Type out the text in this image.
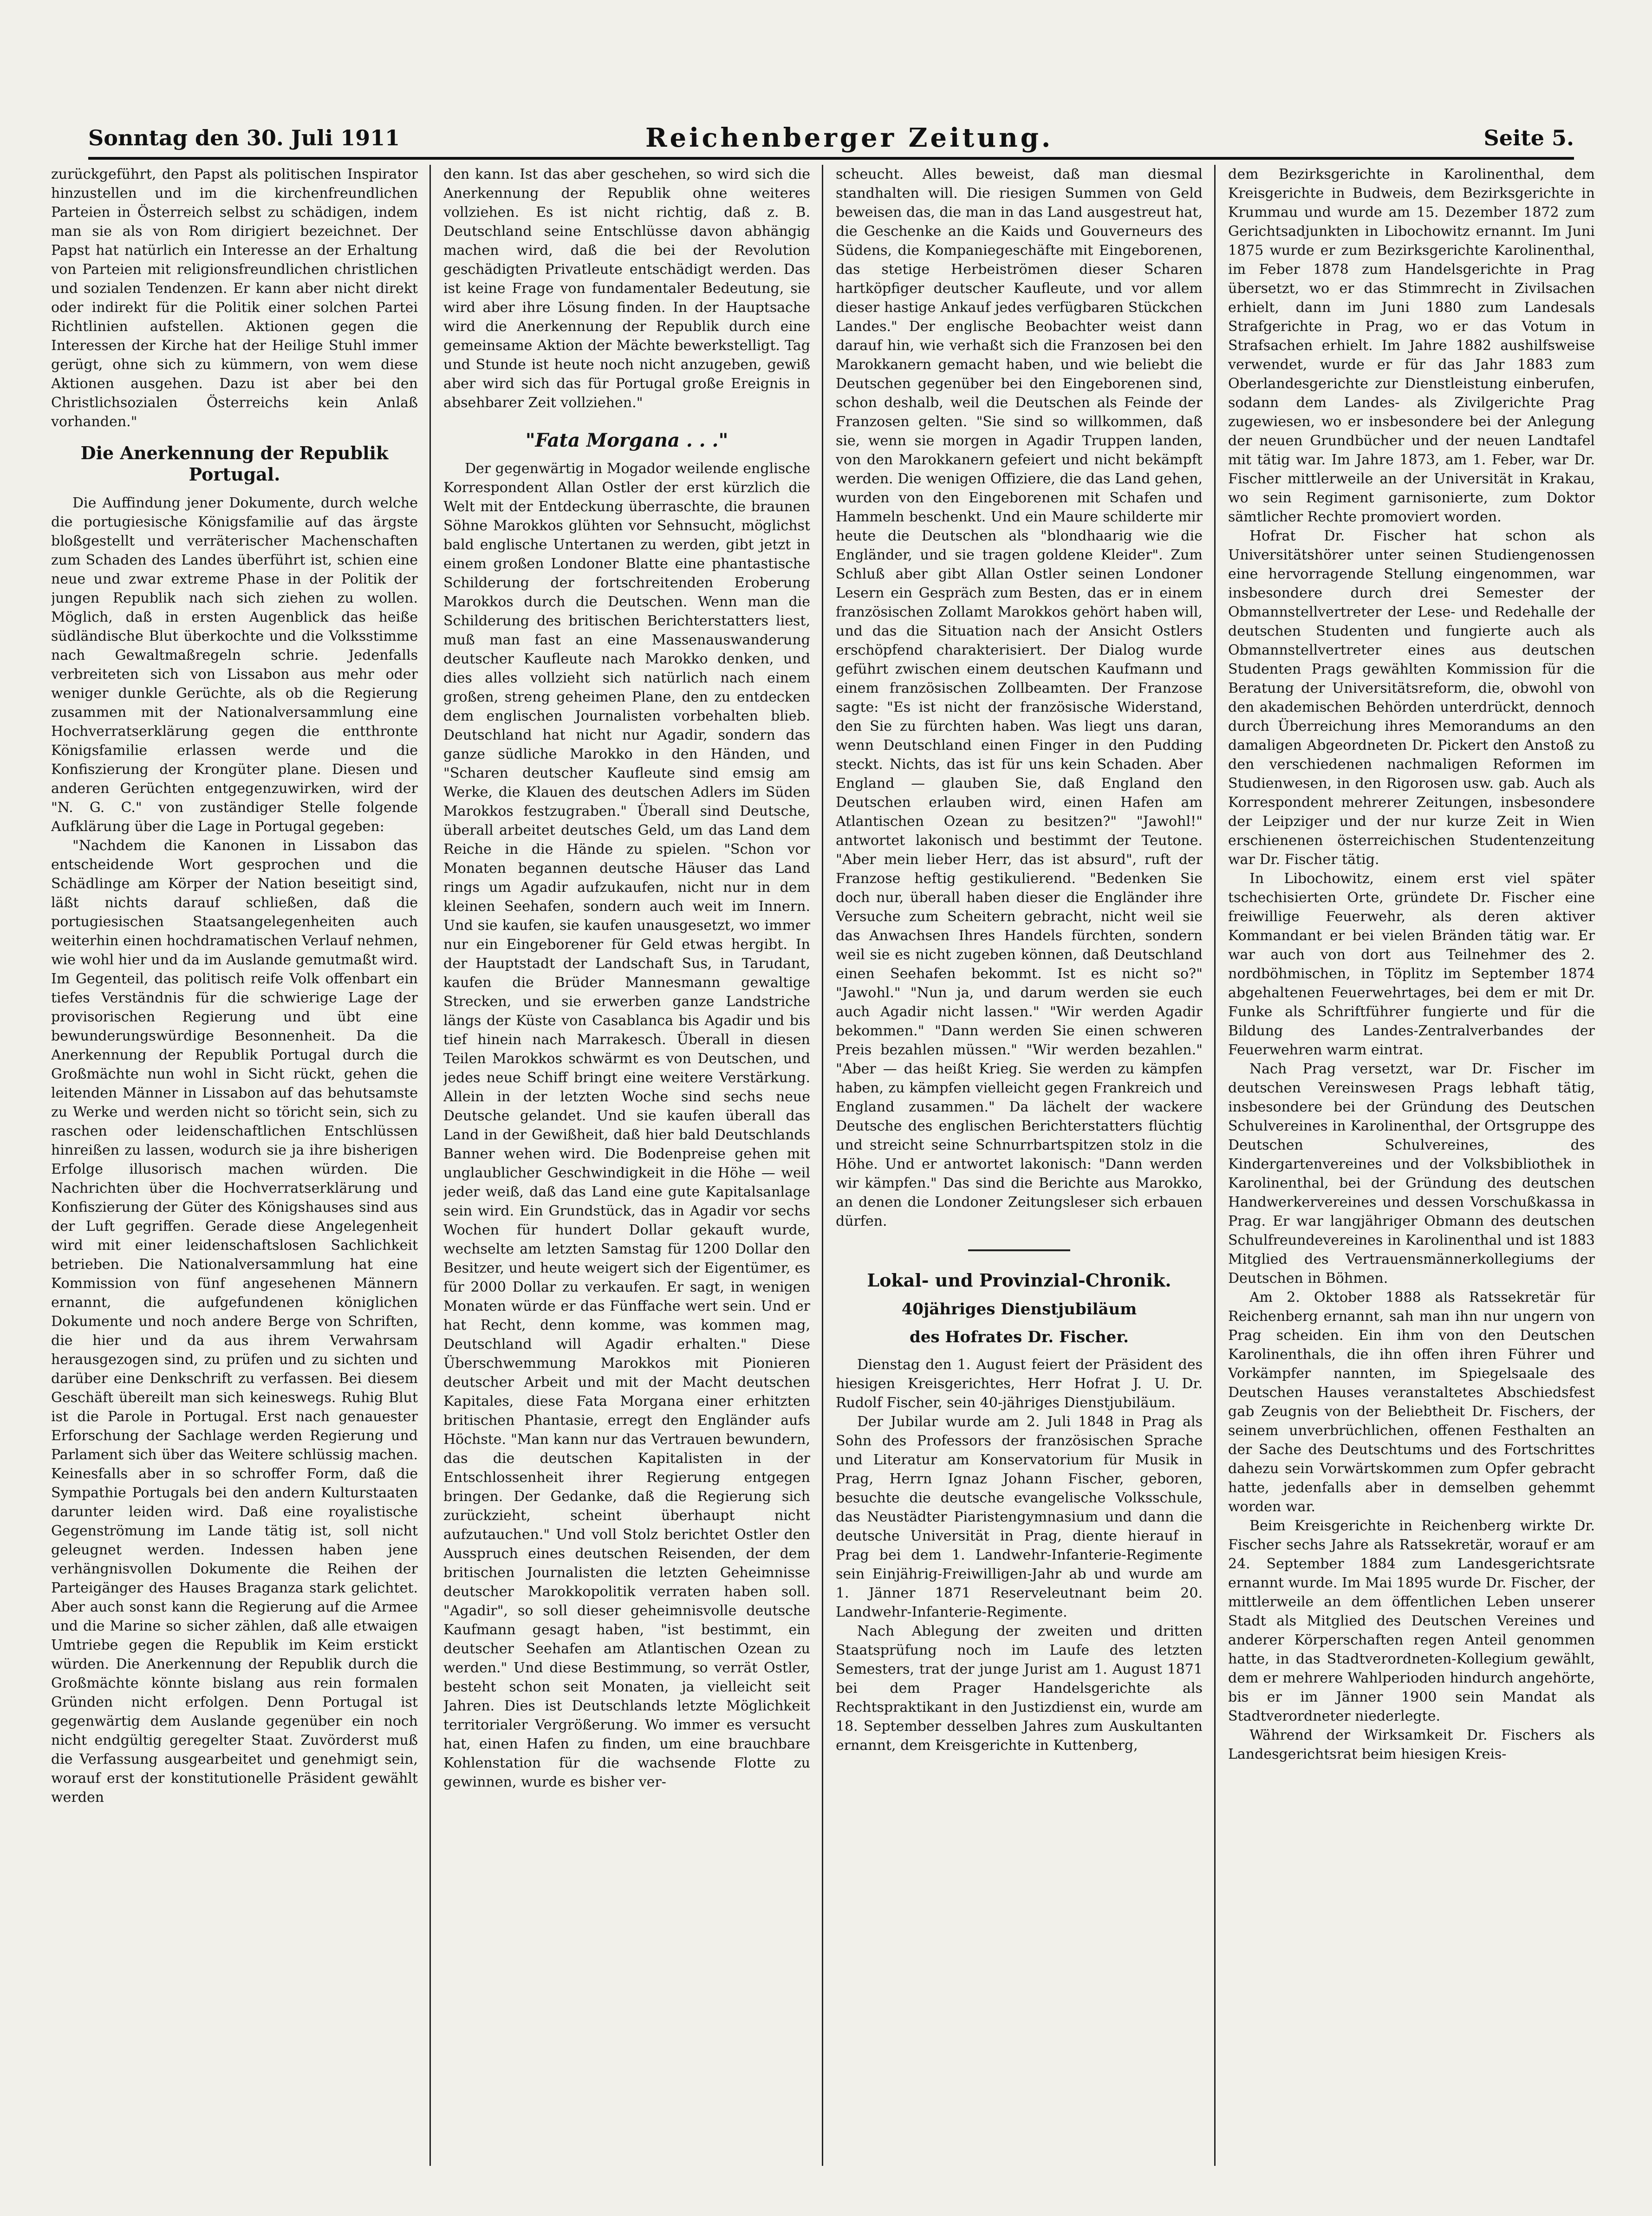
Sonntag den 30. Juli 1911	Reichenberger Zeitung.	Seite 5.

zurückgeführt, den Papst als politischen Inspirator hinzustellen und im die kirchenfreundlichen Parteien in Österreich selbst zu schädigen, indem man sie als von Rom dirigiert bezeichnet. Der Papst hat natürlich ein Interesse an der Erhaltung von Parteien mit religionsfreundlichen christlichen und sozialen Tendenzen. Er kann aber nicht direkt oder indirekt für die Politik einer solchen Partei Richtlinien aufstellen. Aktionen gegen die Interessen der Kirche hat der Heilige Stuhl immer gerügt, ohne sich zu kümmern, von wem diese Aktionen ausgehen. Dazu ist aber bei den Christlichsozialen Österreichs kein Anlaß vorhanden."

Die Anerkennung der Republik Portugal.

Die Auffindung jener Dokumente, durch welche die portugiesische Königsfamilie auf das ärgste bloßgestellt und verräterischer Machenschaften zum Schaden des Landes überführt ist, schien eine neue und zwar extreme Phase in der Politik der jungen Republik nach sich ziehen zu wollen. Möglich, daß in ersten Augenblick das heiße südländische Blut überkochte und die Volksstimme nach Gewaltmaßregeln schrie. Jedenfalls verbreiteten sich von Lissabon aus mehr oder weniger dunkle Gerüchte, als ob die Regierung zusammen mit der Nationalversammlung eine Hochverratserklärung gegen die entthronte Königsfamilie erlassen werde und die Konfiszierung der Krongüter plane. Diesen und anderen Gerüchten entgegenzuwirken, wird der "N. G. C." von zuständiger Stelle folgende Aufklärung über die Lage in Portugal gegeben:

"Nachdem die Kanonen in Lissabon das entscheidende Wort gesprochen und die Schädlinge am Körper der Nation beseitigt sind, läßt nichts darauf schließen, daß die portugiesischen Staatsangelegenheiten auch weiterhin einen hochdramatischen Verlauf nehmen, wie wohl hier und da im Auslande gemutmaßt wird. Im Gegenteil, das politisch reife Volk offenbart ein tiefes Verständnis für die schwierige Lage der provisorischen Regierung und übt eine bewunderungswürdige Besonnenheit. Da die Anerkennung der Republik Portugal durch die Großmächte nun wohl in Sicht rückt, gehen die leitenden Männer in Lissabon auf das behutsamste zu Werke und werden nicht so töricht sein, sich zu raschen oder leidenschaftlichen Entschlüssen hinreißen zu lassen, wodurch sie ja ihre bisherigen Erfolge illusorisch machen würden. Die Nachrichten über die Hochverratserklärung und Konfiszierung der Güter des Königshauses sind aus der Luft gegriffen. Gerade diese Angelegenheit wird mit einer leidenschaftslosen Sachlichkeit betrieben. Die Nationalversammlung hat eine Kommission von fünf angesehenen Männern ernannt, die aufgefundenen königlichen Dokumente und noch andere Berge von Schriften, die hier und da aus ihrem Verwahrsam herausgezogen sind, zu prüfen und zu sichten und darüber eine Denkschrift zu verfassen. Bei diesem Geschäft übereilt man sich keineswegs. Ruhig Blut ist die Parole in Portugal. Erst nach genauester Erforschung der Sachlage werden Regierung und Parlament sich über das Weitere schlüssig machen. Keinesfalls aber in so schroffer Form, daß die Sympathie Portugals bei den andern Kulturstaaten darunter leiden wird. Daß eine royalistische Gegenströmung im Lande tätig ist, soll nicht geleugnet werden. Indessen haben jene verhängnisvollen Dokumente die Reihen der Parteigänger des Hauses Braganza stark gelichtet. Aber auch sonst kann die Regierung auf die Armee und die Marine so sicher zählen, daß alle etwaigen Umtriebe gegen die Republik im Keim erstickt würden. Die Anerkennung der Republik durch die Großmächte könnte bislang aus rein formalen Gründen nicht erfolgen. Denn Portugal ist gegenwärtig dem Auslande gegenüber ein noch nicht endgültig geregelter Staat. Zuvörderst muß die Verfassung ausgearbeitet und genehmigt sein, worauf erst der konstitutionelle Präsident gewählt werden

den kann. Ist das aber geschehen, so wird sich die Anerkennung der Republik ohne weiteres vollziehen. Es ist nicht richtig, daß z. B. Deutschland seine Entschlüsse davon abhängig machen wird, daß die bei der Revolution geschädigten Privatleute entschädigt werden. Das ist keine Frage von fundamentaler Bedeutung, sie wird aber ihre Lösung finden. In der Hauptsache wird die Anerkennung der Republik durch eine gemeinsame Aktion der Mächte bewerkstelligt. Tag und Stunde ist heute noch nicht anzugeben, gewiß aber wird sich das für Portugal große Ereignis in absehbarer Zeit vollziehen."

"Fata Morgana . . ."

Der gegenwärtig in Mogador weilende englische Korrespondent Allan Ostler der erst kürzlich die Welt mit der Entdeckung überraschte, die braunen Söhne Marokkos glühten vor Sehnsucht, möglichst bald englische Untertanen zu werden, gibt jetzt in einem großen Londoner Blatte eine phantastische Schilderung der fortschreitenden Eroberung Marokkos durch die Deutschen. Wenn man die Schilderung des britischen Berichterstatters liest, muß man fast an eine Massenauswanderung deutscher Kaufleute nach Marokko denken, und dies alles vollzieht sich natürlich nach einem großen, streng geheimen Plane, den zu entdecken dem englischen Journalisten vorbehalten blieb. Deutschland hat nicht nur Agadir, sondern das ganze südliche Marokko in den Händen, und "Scharen deutscher Kaufleute sind emsig am Werke, die Klauen des deutschen Adlers im Süden Marokkos festzugraben." Überall sind Deutsche, überall arbeitet deutsches Geld, um das Land dem Reiche in die Hände zu spielen. "Schon vor Monaten begannen deutsche Häuser das Land rings um Agadir aufzukaufen, nicht nur in dem kleinen Seehafen, sondern auch weit im Innern. Und sie kaufen, sie kaufen unausgesetzt, wo immer nur ein Eingeborener für Geld etwas hergibt. In der Hauptstadt der Landschaft Sus, in Tarudant, kaufen die Brüder Mannesmann gewaltige Strecken, und sie erwerben ganze Landstriche längs der Küste von Casablanca bis Agadir und bis tief hinein nach Marrakesch. Überall in diesen Teilen Marokkos schwärmt es von Deutschen, und jedes neue Schiff bringt eine weitere Verstärkung. Allein in der letzten Woche sind sechs neue Deutsche gelandet. Und sie kaufen überall das Land in der Gewißheit, daß hier bald Deutschlands Banner wehen wird. Die Bodenpreise gehen mit unglaublicher Geschwindigkeit in die Höhe — weil jeder weiß, daß das Land eine gute Kapitalsanlage sein wird. Ein Grundstück, das in Agadir vor sechs Wochen für hundert Dollar gekauft wurde, wechselte am letzten Samstag für 1200 Dollar den Besitzer, und heute weigert sich der Eigentümer, es für 2000 Dollar zu verkaufen. Er sagt, in wenigen Monaten würde er das Fünffache wert sein. Und er hat Recht, denn komme, was kommen mag, Deutschland will Agadir erhalten." Diese Überschwemmung Marokkos mit Pionieren deutscher Arbeit und mit der Macht deutschen Kapitales, diese Fata Morgana einer erhitzten britischen Phantasie, erregt den Engländer aufs Höchste. "Man kann nur das Vertrauen bewundern, das die deutschen Kapitalisten in der Entschlossenheit ihrer Regierung entgegen bringen. Der Gedanke, daß die Regierung sich zurückzieht, scheint überhaupt nicht aufzutauchen." Und voll Stolz berichtet Ostler den Ausspruch eines deutschen Reisenden, der dem britischen Journalisten die letzten Geheimnisse deutscher Marokkopolitik verraten haben soll. "Agadir", so soll dieser geheimnisvolle deutsche Kaufmann gesagt haben, "ist bestimmt, ein deutscher Seehafen am Atlantischen Ozean zu werden." Und diese Bestimmung, so verrät Ostler, besteht schon seit Monaten, ja vielleicht seit Jahren. Dies ist Deutschlands letzte Möglichkeit territorialer Vergrößerung. Wo immer es versucht hat, einen Hafen zu finden, um eine brauchbare Kohlenstation für die wachsende Flotte zu gewinnen, wurde es bisher ver-

scheucht. Alles beweist, daß man diesmal standhalten will. Die riesigen Summen von Geld beweisen das, die man in das Land ausgestreut hat, die Geschenke an die Kaids und Gouverneurs des Südens, die Kompaniegeschäfte mit Eingeborenen, das stetige Herbeiströmen dieser Scharen hartköpfiger deutscher Kaufleute, und vor allem dieser hastige Ankauf jedes verfügbaren Stückchen Landes." Der englische Beobachter weist dann darauf hin, wie verhaßt sich die Franzosen bei den Marokkanern gemacht haben, und wie beliebt die Deutschen gegenüber bei den Eingeborenen sind, schon deshalb, weil die Deutschen als Feinde der Franzosen gelten. "Sie sind so willkommen, daß sie, wenn sie morgen in Agadir Truppen landen, von den Marokkanern gefeiert und nicht bekämpft werden. Die wenigen Offiziere, die das Land gehen, wurden von den Eingeborenen mit Schafen und Hammeln beschenkt. Und ein Maure schilderte mir heute die Deutschen als "blondhaarig wie die Engländer, und sie tragen goldene Kleider". Zum Schluß aber gibt Allan Ostler seinen Londoner Lesern ein Gespräch zum Besten, das er in einem französischen Zollamt Marokkos gehört haben will, und das die Situation nach der Ansicht Ostlers erschöpfend charakterisiert. Der Dialog wurde geführt zwischen einem deutschen Kaufmann und einem französischen Zollbeamten. Der Franzose sagte: "Es ist nicht der französische Widerstand, den Sie zu fürchten haben. Was liegt uns daran, wenn Deutschland einen Finger in den Pudding steckt. Nichts, das ist für uns kein Schaden. Aber England — glauben Sie, daß England den Deutschen erlauben wird, einen Hafen am Atlantischen Ozean zu besitzen?" "Jawohl!" antwortet lakonisch und bestimmt der Teutone. "Aber mein lieber Herr, das ist absurd", ruft der Franzose heftig gestikulierend. "Bedenken Sie doch nur, überall haben dieser die Engländer ihre Versuche zum Scheitern gebracht, nicht weil sie das Anwachsen Ihres Handels fürchten, sondern weil sie es nicht zugeben können, daß Deutschland einen Seehafen bekommt. Ist es nicht so?" "Jawohl." "Nun ja, und darum werden sie euch auch Agadir nicht lassen." "Wir werden Agadir bekommen." "Dann werden Sie einen schweren Preis bezahlen müssen." "Wir werden bezahlen." "Aber — das heißt Krieg. Sie werden zu kämpfen haben, zu kämpfen vielleicht gegen Frankreich und England zusammen." Da lächelt der wackere Deutsche des englischen Berichterstatters flüchtig und streicht seine Schnurrbartspitzen stolz in die Höhe. Und er antwortet lakonisch: "Dann werden wir kämpfen." Das sind die Berichte aus Marokko, an denen die Londoner Zeitungsleser sich erbauen dürfen.

Lokal- und Provinzial-Chronik.
40jähriges Dienstjubiläum
des Hofrates Dr. Fischer.

Dienstag den 1. August feiert der Präsident des hiesigen Kreisgerichtes, Herr Hofrat J. U. Dr. Rudolf Fischer, sein 40-jähriges Dienstjubiläum.

Der Jubilar wurde am 2. Juli 1848 in Prag als Sohn des Professors der französischen Sprache und Literatur am Konservatorium für Musik in Prag, Herrn Ignaz Johann Fischer, geboren, besuchte die deutsche evangelische Volksschule, das Neustädter Piaristengymnasium und dann die deutsche Universität in Prag, diente hierauf in Prag bei dem 1. Landwehr-Infanterie-Regimente sein Einjährig-Freiwilligen-Jahr ab und wurde am 1. Jänner 1871 Reserveleutnant beim 20. Landwehr-Infanterie-Regimente.

Nach Ablegung der zweiten und dritten Staatsprüfung noch im Laufe des letzten Semesters, trat der junge Jurist am 1. August 1871 bei dem Prager Handelsgerichte als Rechtspraktikant in den Justizdienst ein, wurde am 18. September desselben Jahres zum Auskultanten ernannt, dem Kreisgerichte in Kuttenberg,

dem Bezirksgerichte in Karolinenthal, dem Kreisgerichte in Budweis, dem Bezirksgerichte in Krummau und wurde am 15. Dezember 1872 zum Gerichtsadjunkten in Libochowitz ernannt. Im Juni 1875 wurde er zum Bezirksgerichte Karolinenthal, im Feber 1878 zum Handelsgerichte in Prag übersetzt, wo er das Stimmrecht in Zivilsachen erhielt, dann im Juni 1880 zum Landesals Strafgerichte in Prag, wo er das Votum in Strafsachen erhielt. Im Jahre 1882 aushilfsweise verwendet, wurde er für das Jahr 1883 zum Oberlandesgerichte zur Dienstleistung einberufen, sodann dem Landes- als Zivilgerichte Prag zugewiesen, wo er insbesondere bei der Anlegung der neuen Grundbücher und der neuen Landtafel mit tätig war. Im Jahre 1873, am 1. Feber, war Dr. Fischer mittlerweile an der Universität in Krakau, wo sein Regiment garnisonierte, zum Doktor sämtlicher Rechte promoviert worden.

Hofrat Dr. Fischer hat schon als Universitätshörer unter seinen Studiengenossen eine hervorragende Stellung eingenommen, war insbesondere durch drei Semester der Obmannstellvertreter der Lese- und Redehalle der deutschen Studenten und fungierte auch als Obmannstellvertreter eines aus deutschen Studenten Prags gewählten Kommission für die Beratung der Universitätsreform, die, obwohl von den akademischen Behörden unterdrückt, dennoch durch Überreichung ihres Memorandums an den damaligen Abgeordneten Dr. Pickert den Anstoß zu den verschiedenen nachmaligen Reformen im Studienwesen, in den Rigorosen usw. gab. Auch als Korrespondent mehrerer Zeitungen, insbesondere der Leipziger und der nur kurze Zeit in Wien erschienenen österreichischen Studentenzeitung war Dr. Fischer tätig.

In Libochowitz, einem erst viel später tschechisierten Orte, gründete Dr. Fischer eine freiwillige Feuerwehr, als deren aktiver Kommandant er bei vielen Bränden tätig war. Er war auch von dort aus Teilnehmer des 2. nordböhmischen, in Töplitz im September 1874 abgehaltenen Feuerwehrtages, bei dem er mit Dr. Funke als Schriftführer fungierte und für die Bildung des Landes-Zentralverbandes der Feuerwehren warm eintrat.

Nach Prag versetzt, war Dr. Fischer im deutschen Vereinswesen Prags lebhaft tätig, insbesondere bei der Gründung des Deutschen Schulvereines in Karolinenthal, der Ortsgruppe des Deutschen Schulvereines, des Kindergartenvereines und der Volksbibliothek in Karolinenthal, bei der Gründung des deutschen Handwerkervereines und dessen Vorschußkassa in Prag. Er war langjähriger Obmann des deutschen Schulfreundevereines in Karolinenthal und ist 1883 Mitglied des Vertrauensmännerkollegiums der Deutschen in Böhmen.

Am 2. Oktober 1888 als Ratssekretär für Reichenberg ernannt, sah man ihn nur ungern von Prag scheiden. Ein ihm von den Deutschen Karolinenthals, die ihn offen ihren Führer und Vorkämpfer nannten, im Spiegelsaale des Deutschen Hauses veranstaltetes Abschiedsfest gab Zeugnis von der Beliebtheit Dr. Fischers, der seinem unverbrüchlichen, offenen Festhalten an der Sache des Deutschtums und des Fortschrittes dahezu sein Vorwärtskommen zum Opfer gebracht hatte, jedenfalls aber in demselben gehemmt worden war.

Beim Kreisgerichte in Reichenberg wirkte Dr. Fischer sechs Jahre als Ratssekretär, worauf er am 24. September 1884 zum Landesgerichtsrate ernannt wurde. Im Mai 1895 wurde Dr. Fischer, der mittlerweile an dem öffentlichen Leben unserer Stadt als Mitglied des Deutschen Vereines und anderer Körperschaften regen Anteil genommen hatte, in das Stadtverordneten-Kollegium gewählt, dem er mehrere Wahlperioden hindurch angehörte, bis er im Jänner 1900 sein Mandat als Stadtverordneter niederlegte.

Während der Wirksamkeit Dr. Fischers als Landesgerichtsrat beim hiesigen Kreis-
